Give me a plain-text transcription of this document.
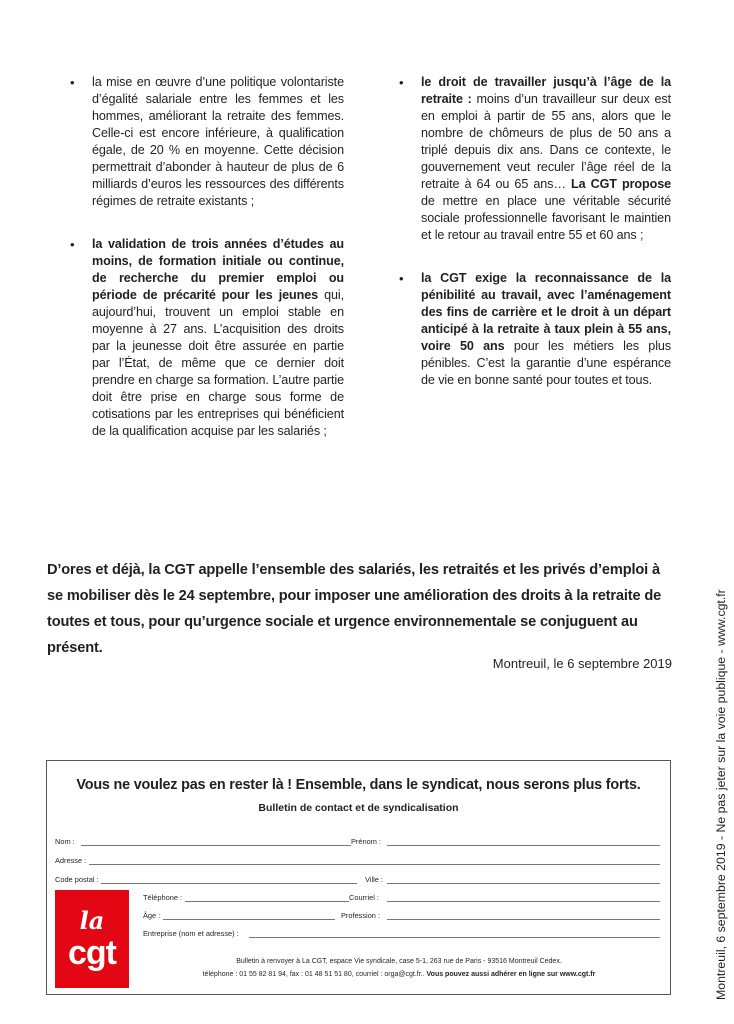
• la mise en œuvre d’une politique volontariste d’égalité salariale entre les femmes et les hommes, améliorant la retraite des femmes. Celle-ci est encore inférieure, à qualification égale, de 20 % en moyenne. Cette décision permettrait d’abonder à hauteur de plus de 6 milliards d’euros les ressources des différents régimes de retraite existants ;
• la validation de trois années d’études au moins, de formation initiale ou continue, de recherche du premier emploi ou période de précarité pour les jeunes qui, aujourd’hui, trouvent un emploi stable en moyenne à 27 ans. L’acquisition des droits par la jeunesse doit être assurée en partie par l’État, de même que ce dernier doit prendre en charge sa formation. L’autre partie doit être prise en charge sous forme de cotisations par les entreprises qui bénéficient de la qualification acquise par les salariés ;
• le droit de travailler jusqu’à l’âge de la retraite : moins d’un travailleur sur deux est en emploi à partir de 55 ans, alors que le nombre de chômeurs de plus de 50 ans a triplé depuis dix ans. Dans ce contexte, le gouvernement veut reculer l’âge réel de la retraite à 64 ou 65 ans… La CGT propose de mettre en place une véritable sécurité sociale professionnelle favorisant le maintien et le retour au travail entre 55 et 60 ans ;
• la CGT exige la reconnaissance de la pénibilité au travail, avec l’aménagement des fins de carrière et le droit à un départ anticipé à la retraite à taux plein à 55 ans, voire 50 ans pour les métiers les plus pénibles. C’est la garantie d’une espérance de vie en bonne santé pour toutes et tous.

D’ores et déjà, la CGT appelle l’ensemble des salariés, les retraités et les privés d’emploi à se mobiliser dès le 24 septembre, pour imposer une amélioration des droits à la retraite de toutes et tous, pour qu’urgence sociale et urgence environnementale se conjuguent au présent.

Montreuil, le 6 septembre 2019	Montreuil, 6 septembre 2019 - Ne pas jeter sur la voie publique - www.cgt.fr
Vous ne voulez pas en rester là ! Ensemble, dans le syndicat, nous serons plus forts.
Bulletin de contact et de syndicalisation
Nom :	Prénom :
Adresse :
Code postal :	Ville :
Téléphone :	Courriel :
Âge :	Profession :
Entreprise (nom et adresse) :
la
cgt	Bulletin à renvoyer à La CGT, espace Vie syndicale, case 5-1, 263 rue de Paris - 93516 Montreuil Cedex.
téléphone : 01 55 82 81 94, fax : 01 48 51 51 80, courriel : orga@cgt.fr.. Vous pouvez aussi adhérer en ligne sur www.cgt.fr
